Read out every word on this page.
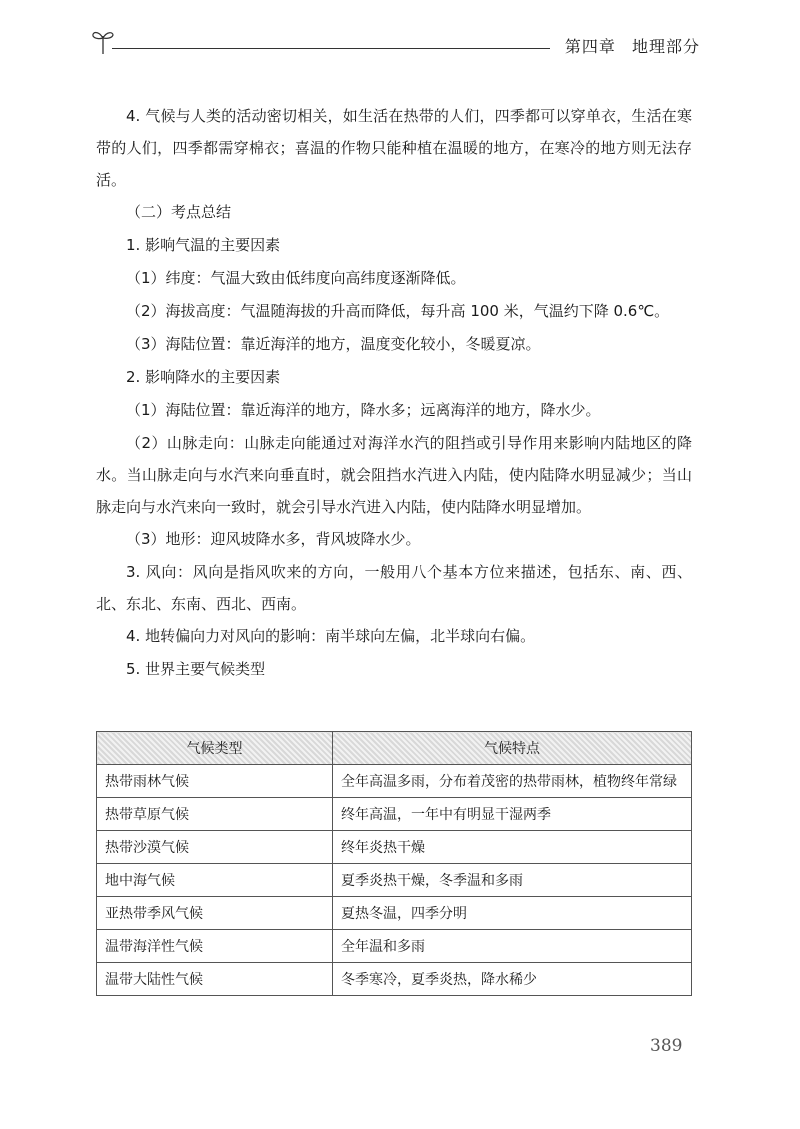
第四章 地理部分

4. 气候与人类的活动密切相关，如生活在热带的人们，四季都可以穿单衣，生活在寒带的人们，四季都需穿棉衣；喜温的作物只能种植在温暖的地方，在寒冷的地方则无法存活。

（二）考点总结

1. 影响气温的主要因素

（1）纬度：气温大致由低纬度向高纬度逐渐降低。

（2）海拔高度：气温随海拔的升高而降低，每升高 100 米，气温约下降 0.6℃。

（3）海陆位置：靠近海洋的地方，温度变化较小，冬暖夏凉。

2. 影响降水的主要因素

（1）海陆位置：靠近海洋的地方，降水多；远离海洋的地方，降水少。

（2）山脉走向：山脉走向能通过对海洋水汽的阻挡或引导作用来影响内陆地区的降水。当山脉走向与水汽来向垂直时，就会阻挡水汽进入内陆，使内陆降水明显减少；当山脉走向与水汽来向一致时，就会引导水汽进入内陆，使内陆降水明显增加。

（3）地形：迎风坡降水多，背风坡降水少。

3. 风向：风向是指风吹来的方向，一般用八个基本方位来描述，包括东、南、西、北、东北、东南、西北、西南。

4. 地转偏向力对风向的影响：南半球向左偏，北半球向右偏。

5. 世界主要气候类型

气候类型	气候特点
热带雨林气候	全年高温多雨，分布着茂密的热带雨林，植物终年常绿
热带草原气候	终年高温，一年中有明显干湿两季
热带沙漠气候	终年炎热干燥
地中海气候	夏季炎热干燥，冬季温和多雨
亚热带季风气候	夏热冬温，四季分明
温带海洋性气候	全年温和多雨
温带大陆性气候	冬季寒冷，夏季炎热，降水稀少
389
